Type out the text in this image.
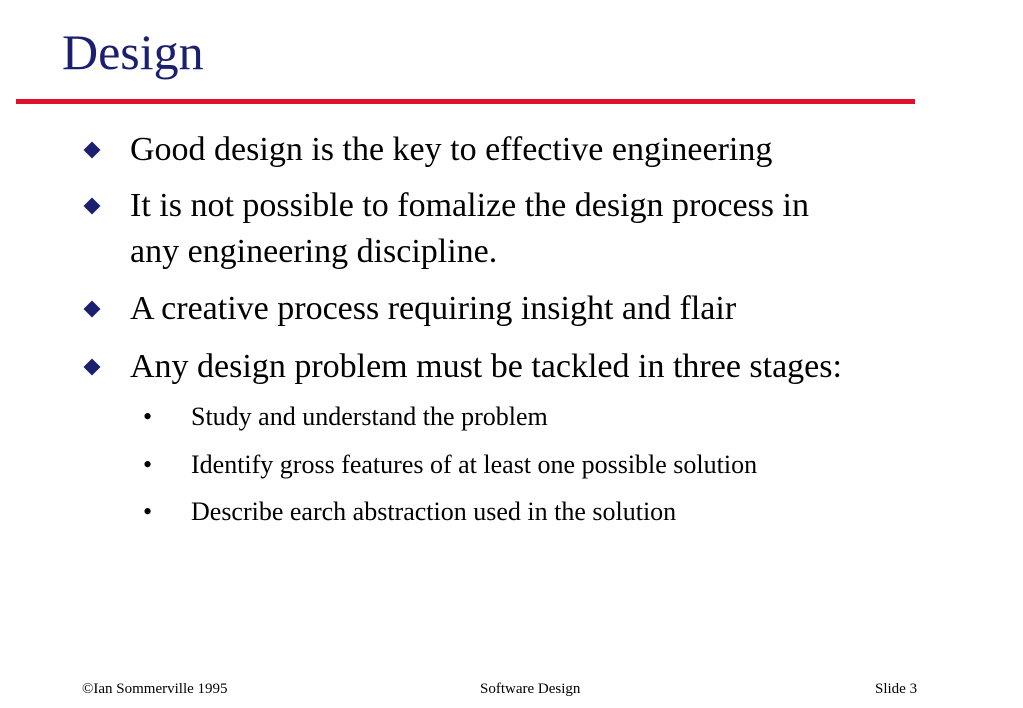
Design
Good design is the key to effective engineering
It is not possible to fomalize the design process in
any engineering discipline.
A creative process requiring insight and flair
Any design problem must be tackled in three stages:
• Study and understand the problem
• Identify gross features of at least one possible solution
• Describe earch abstraction used in the solution
©Ian Sommerville 1995	Software Design	Slide 3
